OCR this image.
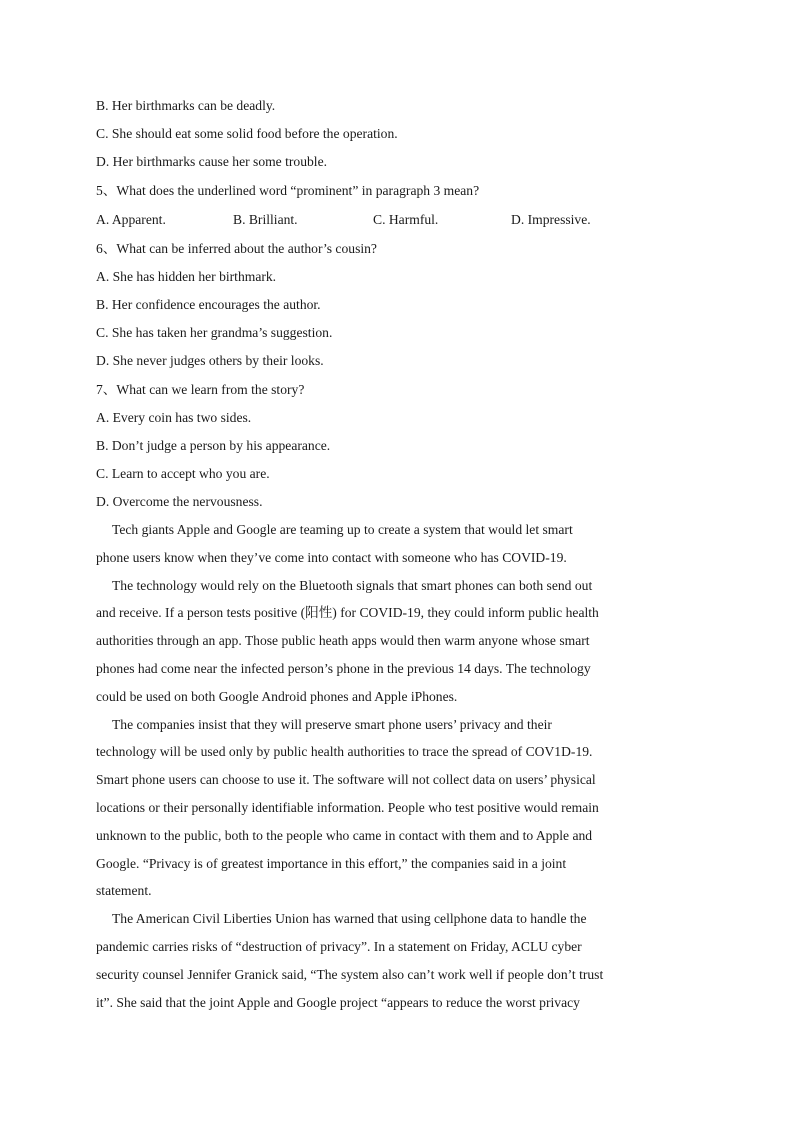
B. Her birthmarks can be deadly.
C. She should eat some solid food before the operation.
D. Her birthmarks cause her some trouble.
5、What does the underlined word “prominent” in paragraph 3 mean?
A. Apparent.	B. Brilliant.	C. Harmful.	D. Impressive.
6、What can be inferred about the author’s cousin?
A. She has hidden her birthmark.
B. Her confidence encourages the author.
C. She has taken her grandma’s suggestion.
D. She never judges others by their looks.
7、What can we learn from the story?
A. Every coin has two sides.
B. Don’t judge a person by his appearance.
C. Learn to accept who you are.
D. Overcome the nervousness.
Tech giants Apple and Google are teaming up to create a system that would let smart
phone users know when they’ve come into contact with someone who has COVID-19.
The technology would rely on the Bluetooth signals that smart phones can both send out
and receive. If a person tests positive (阳性) for COVID-19, they could inform public health
authorities through an app. Those public heath apps would then warm anyone whose smart
phones had come near the infected person’s phone in the previous 14 days. The technology
could be used on both Google Android phones and Apple iPhones.
The companies insist that they will preserve smart phone users’ privacy and their
technology will be used only by public health authorities to trace the spread of COV1D-19.
Smart phone users can choose to use it. The software will not collect data on users’ physical
locations or their personally identifiable information. People who test positive would remain
unknown to the public, both to the people who came in contact with them and to Apple and
Google. “Privacy is of greatest importance in this effort,” the companies said in a joint
statement.
The American Civil Liberties Union has warned that using cellphone data to handle the
pandemic carries risks of “destruction of privacy”. In a statement on Friday, ACLU cyber
security counsel Jennifer Granick said, “The system also can’t work well if people don’t trust
it”. She said that the joint Apple and Google project “appears to reduce the worst privacy
